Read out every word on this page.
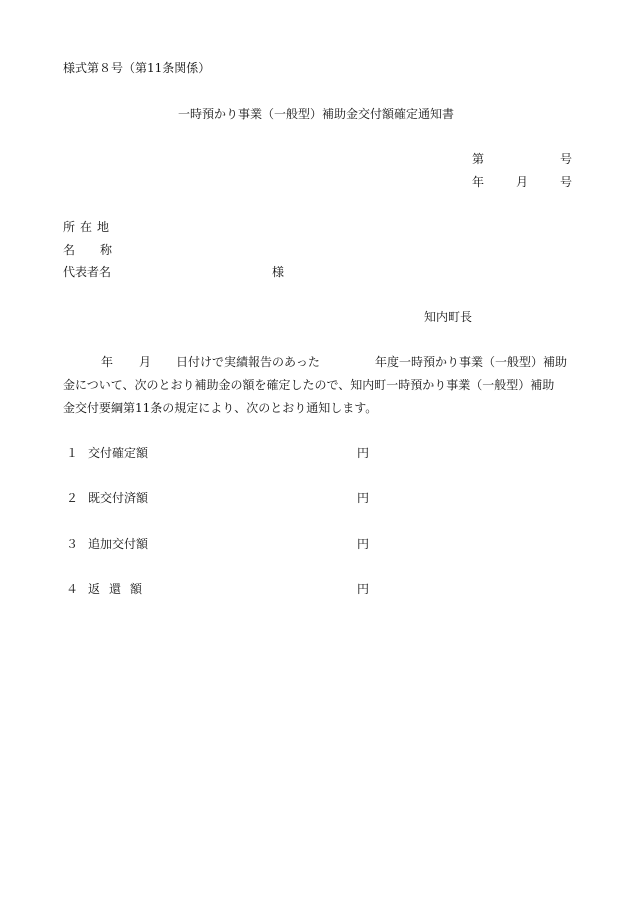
様式第８号（第11条関係）
一時預かり事業（一般型）補助金交付額確定通知書
第	号
年	月	号
所在地
名 称
代表者名	様
知内町長
年 月 日付けで実績報告のあった	年度一時預かり事業（一般型）補助
金について、次のとおり補助金の額を確定したので、知内町一時預かり事業（一般型）補助
金交付要綱第11条の規定により、次のとおり通知します。
１ 交付確定額	円
２ 既交付済額	円
３ 追加交付額	円
４ 返還額	円
